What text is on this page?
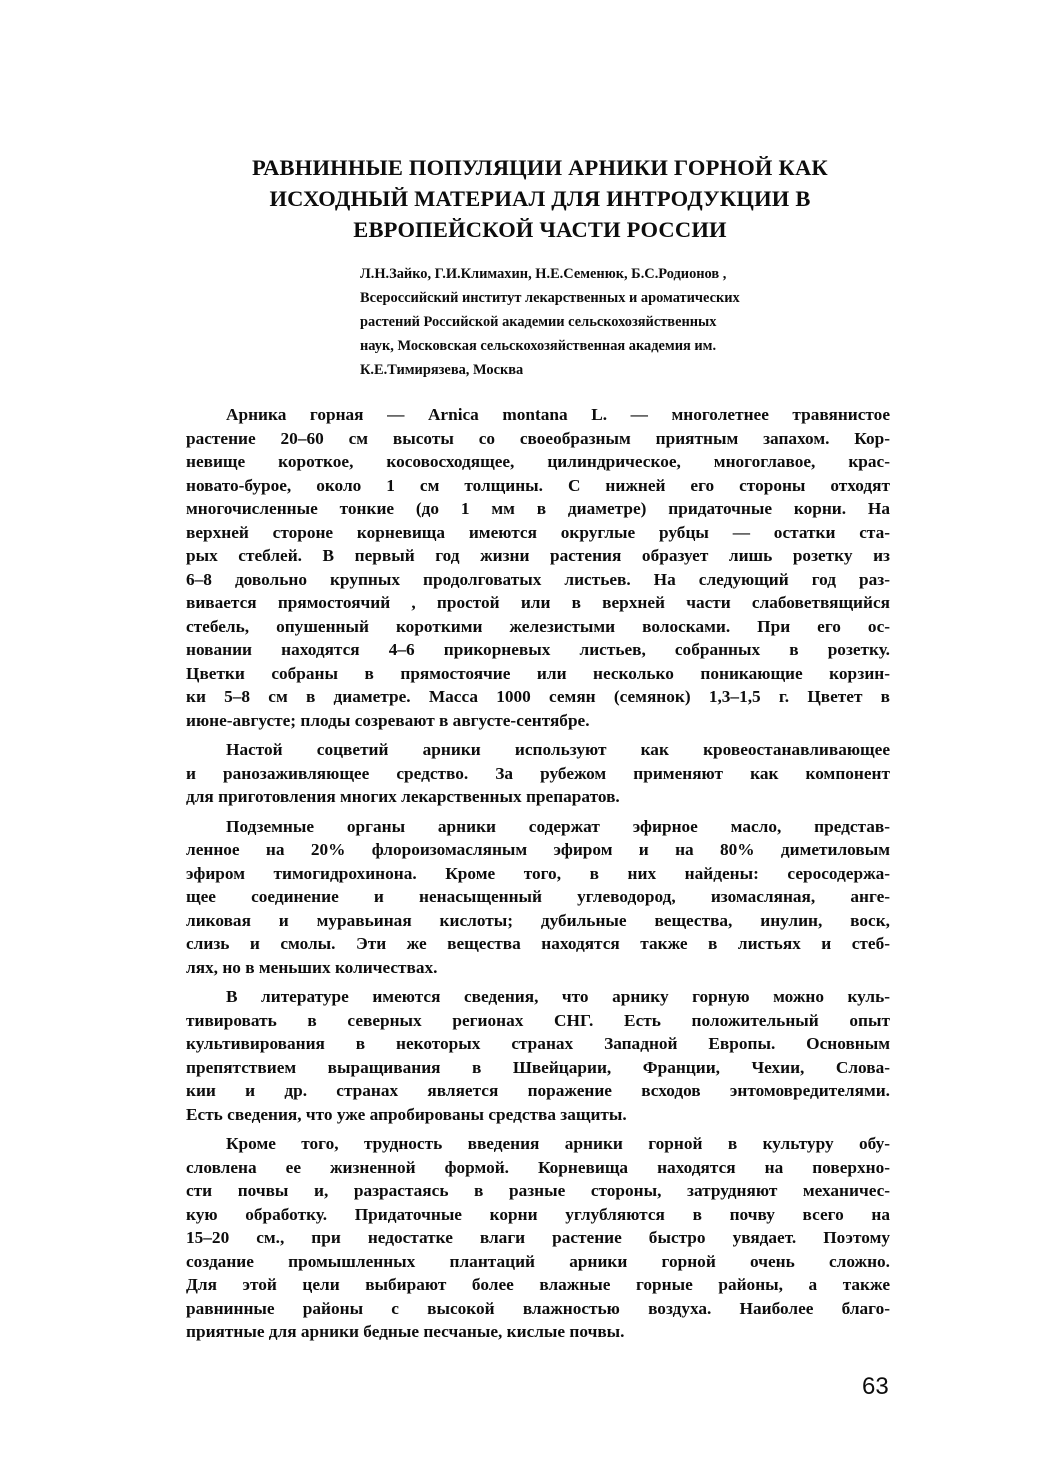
РАВНИННЫЕ ПОПУЛЯЦИИ АРНИКИ ГОРНОЙ КАК
ИСХОДНЫЙ МАТЕРИАЛ ДЛЯ ИНТРОДУКЦИИ В
ЕВРОПЕЙСКОЙ ЧАСТИ РОССИИ
Л.Н.Зайко, Г.И.Климахин, Н.Е.Семенюк, Б.С.Родионов ,
Всероссийский институт лекарственных и ароматических
растений Российской академии сельскохозяйственных
наук, Московская сельскохозяйственная академия им.
К.Е.Тимирязева, Москва
Арника горная — Arnica montana L. — многолетнее травянистое
растение 20–60 см высоты со своеобразным приятным запахом. Кор-
невище короткое, косовосходящее, цилиндрическое, многоглавое, крас-
новато-бурое, около 1 см толщины. С нижней его стороны отходят
многочисленные тонкие (до 1 мм в диаметре) придаточные корни. На
верхней стороне корневища имеются округлые рубцы — остатки ста-
рых стеблей. В первый год жизни растения образует лишь розетку из
6–8 довольно крупных продолговатых листьев. На следующий год раз-
вивается прямостоячий , простой или в верхней части слабоветвящийся
стебель, опушенный короткими железистыми волосками. При его ос-
новании находятся 4–6 прикорневых листьев, собранных в розетку.
Цветки собраны в прямостоячие или несколько поникающие корзин-
ки 5–8 см в диаметре. Масса 1000 семян (семянок) 1,3–1,5 г. Цветет в
июне-августе; плоды созревают в августе-сентябре.
Настой соцветий арники используют как кровеостанавливающее
и ранозаживляющее средство. За рубежом применяют как компонент
для приготовления многих лекарственных препаратов.
Подземные органы арники содержат эфирное масло, представ-
ленное на 20% флороизомасляным эфиром и на 80% диметиловым
эфиром тимогидрохинона. Кроме того, в них найдены: серосодержа-
щее соединение и ненасыщенный углеводород, изомасляная, анге-
ликовая и муравьиная кислоты; дубильные вещества, инулин, воск,
слизь и смолы. Эти же вещества находятся также в листьях и стеб-
лях, но в меньших количествах.
В литературе имеются сведения, что арнику горную можно куль-
тивировать в северных регионах СНГ. Есть положительный опыт
культивирования в некоторых странах Западной Европы. Основным
препятствием выращивания в Швейцарии, Франции, Чехии, Слова-
кии и др. странах является поражение всходов энтомовредителями.
Есть сведения, что уже апробированы средства защиты.
Кроме того, трудность введения арники горной в культуру обу-
словлена ее жизненной формой. Корневища находятся на поверхно-
сти почвы и, разрастаясь в разные стороны, затрудняют механичес-
кую обработку. Придаточные корни углубляются в почву всего на
15–20 см., при недостатке влаги растение быстро увядает. Поэтому
создание промышленных плантаций арники горной очень сложно.
Для этой цели выбирают более влажные горные районы, а также
равнинные районы с высокой влажностью воздуха. Наиболее благо-
приятные для арники бедные песчаные, кислые почвы.
63
